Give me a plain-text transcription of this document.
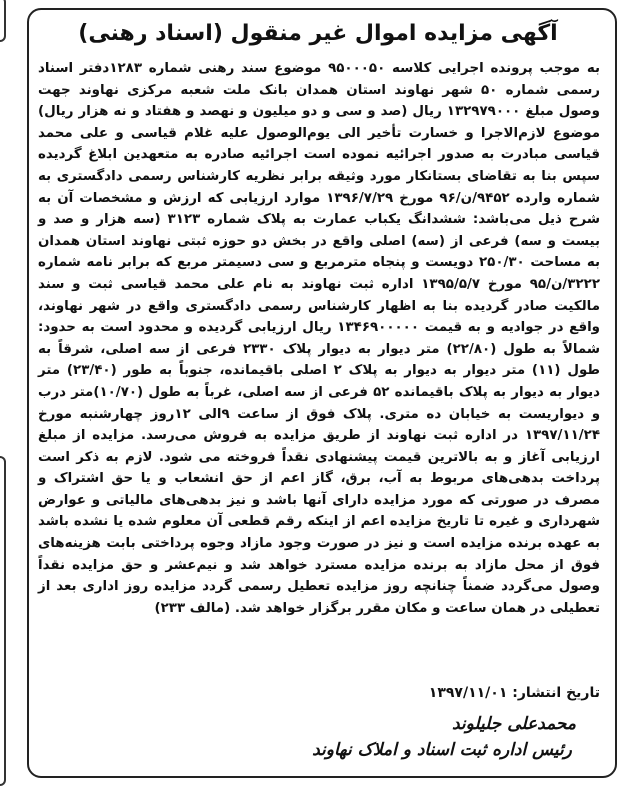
آگهی مزایده اموال غیر منقول (اسناد رهنی)
به موجب پرونده اجرایی کلاسه ۹۵۰۰۰۵۰ موضوع سند رهنی شماره ۱۲۸۳دفتر اسناد رسمی شماره ۵۰ شهر نهاوند استان همدان بانک ملت شعبه مرکزی نهاوند جهت وصول مبلغ ۱۳۲۹۷۹۰۰۰ ریال (صد و سی و دو میلیون و نهصد و هفتاد و نه هزار ریال) موضوع لازم‌الاجرا و خسارت تأخیر الی یوم‌الوصول علیه غلام قیاسی و علی محمد قیاسی مبادرت به صدور اجرائیه نموده است اجرائیه صادره به متعهدین ابلاغ گردیده سپس بنا به تقاضای بستانکار مورد وثیقه برابر نظریه کارشناس رسمی دادگستری به شماره وارده ۹۴۵۲/ن/۹۶ مورخ ۱۳۹۶/۷/۲۹ موارد ارزیابی که ارزش و مشخصات آن به شرح ذیل می‌باشد: ششدانگ یکباب عمارت به پلاک شماره ۳۱۲۳ (سه هزار و صد و بیست و سه) فرعی از (سه) اصلی واقع در بخش دو حوزه ثبتی نهاوند استان همدان به مساحت ۲۵۰/۳۰ دویست و پنجاه مترمربع و سی دسیمتر مربع که برابر نامه شماره ۳۲۲۲/ن/۹۵ مورخ ۱۳۹۵/۵/۷ اداره ثبت نهاوند به نام علی محمد قیاسی ثبت و سند مالکیت صادر گردیده بنا به اظهار کارشناس رسمی دادگستری واقع در شهر نهاوند، واقع در جوادیه و به قیمت ۱۳۴۶۹۰۰۰۰۰ ریال ارزیابی گردیده و محدود است به حدود: شمالاً به طول (۲۲/۸۰) متر دیوار به دیوار پلاک ۲۳۳۰ فرعی از سه اصلی، شرقاً به طول (۱۱) متر دیوار به دیوار به پلاک ۲ اصلی باقیمانده، جنوباً به طور (۲۳/۴۰) متر دیوار به دیوار به پلاک باقیمانده ۵۲ فرعی از سه اصلی، غرباً به طول (۱۰/۷۰)متر درب و دیواریست به خیابان ده متری. پلاک فوق از ساعت ۹الی ۱۲روز چهارشنبه مورخ ۱۳۹۷/۱۱/۲۴ در اداره ثبت نهاوند از طریق مزایده به فروش می‌رسد. مزایده از مبلغ ارزیابی آغاز و به بالاترین قیمت پیشنهادی نقداً فروخته می شود. لازم به ذکر است پرداخت بدهی‌های مربوط به آب، برق، گاز اعم از حق انشعاب و یا حق اشتراک و مصرف در صورتی که مورد مزایده دارای آنها باشد و نیز بدهی‌های مالیاتی و عوارض شهرداری و غیره تا تاریخ مزایده اعم از اینکه رقم قطعی آن معلوم شده یا نشده باشد به عهده برنده مزایده است و نیز در صورت وجود مازاد وجوه پرداختی بابت هزینه‌های فوق از محل مازاد به برنده مزایده مسترد خواهد شد و نیم‌عشر و حق مزایده نقداً وصول می‌گردد ضمناً چنانچه روز مزایده تعطیل رسمی گردد مزایده روز اداری بعد از تعطیلی در همان ساعت و مکان مقرر برگزار خواهد شد. (مالف ۲۳۳)
تاریخ انتشار: ۱۳۹۷/۱۱/۰۱
محمدعلی جلیلوند
رئیس اداره ثبت اسناد و املاک نهاوند
